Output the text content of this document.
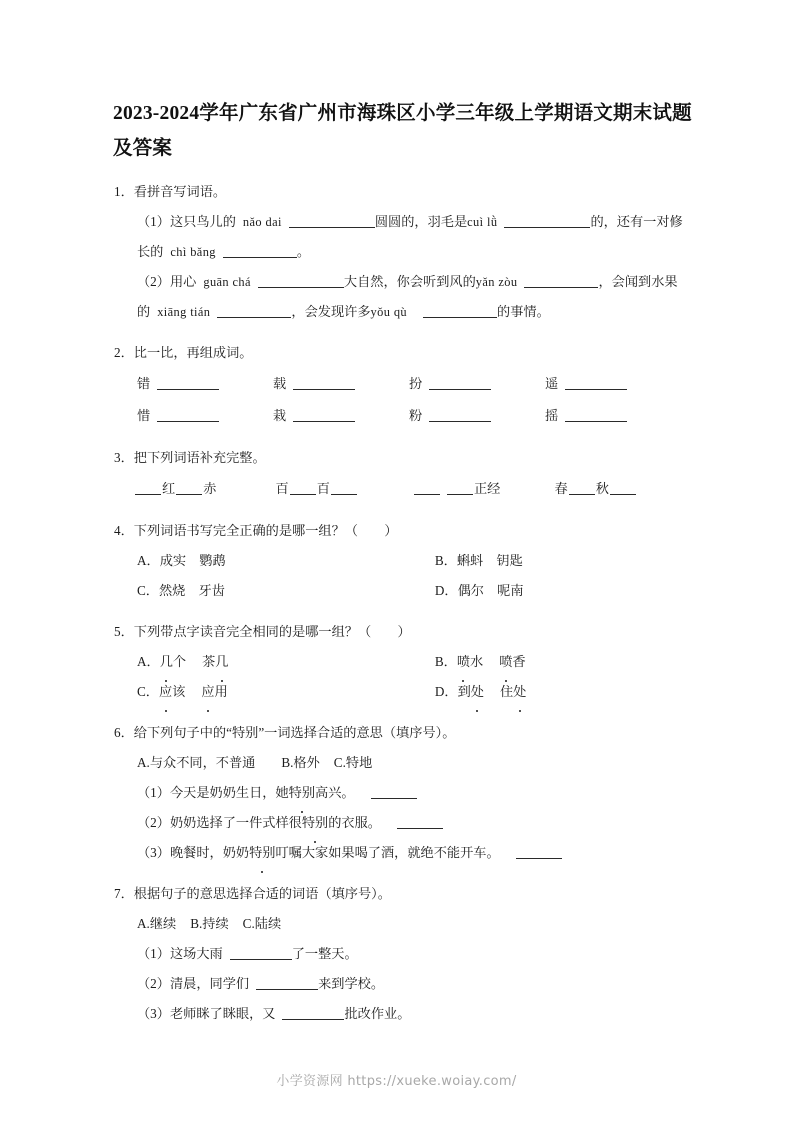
2023-2024学年广东省广州市海珠区小学三年级上学期语文期末试题及答案

1．看拼音写词语。

（1）这只鸟儿的 nǎo dai	圆圆的，羽毛是cuì lǜ	的，还有一对修

长的 chì bǎng	。

（2）用心 guān chá	大自然，你会听到风的yǎn zòu	，会闻到水果

的 xiāng tián	，会发现许多yǒu qù	的事情。

2．比一比，再组成词。

错	载	扮	遥
惜	栽	粉	摇

3．把下列词语补充完整。

红 赤	百 百	正经	春 秋

4．下列词语书写完全正确的是哪一组？（　　）

A．成实　鹦鹉	B．蝌蚪　钥匙
C．然烧　牙齿	D．偶尔　呢南

5．下列带点字读音完全相同的是哪一组？（　　）

A．几个 茶几	B．喷水 喷香
C．应该 应用	D．到处 住处

6．给下列句子中的“特别”一词选择合适的意思（填序号）。

A.与众不同，不普通 B.格外 C.特地

（1）今天是奶奶生日，她特别高兴。

（2）奶奶选择了一件式样很特别的衣服。

（3）晚餐时，奶奶特别叮嘱大家如果喝了酒，就绝不能开车。

7．根据句子的意思选择合适的词语（填序号）。

A.继续 B.持续 C.陆续

（1）这场大雨	了一整天。

（2）清晨，同学们	来到学校。

（3）老师眯了眯眼，又	批改作业。

小学资源网 https://xueke.woiay.com/
